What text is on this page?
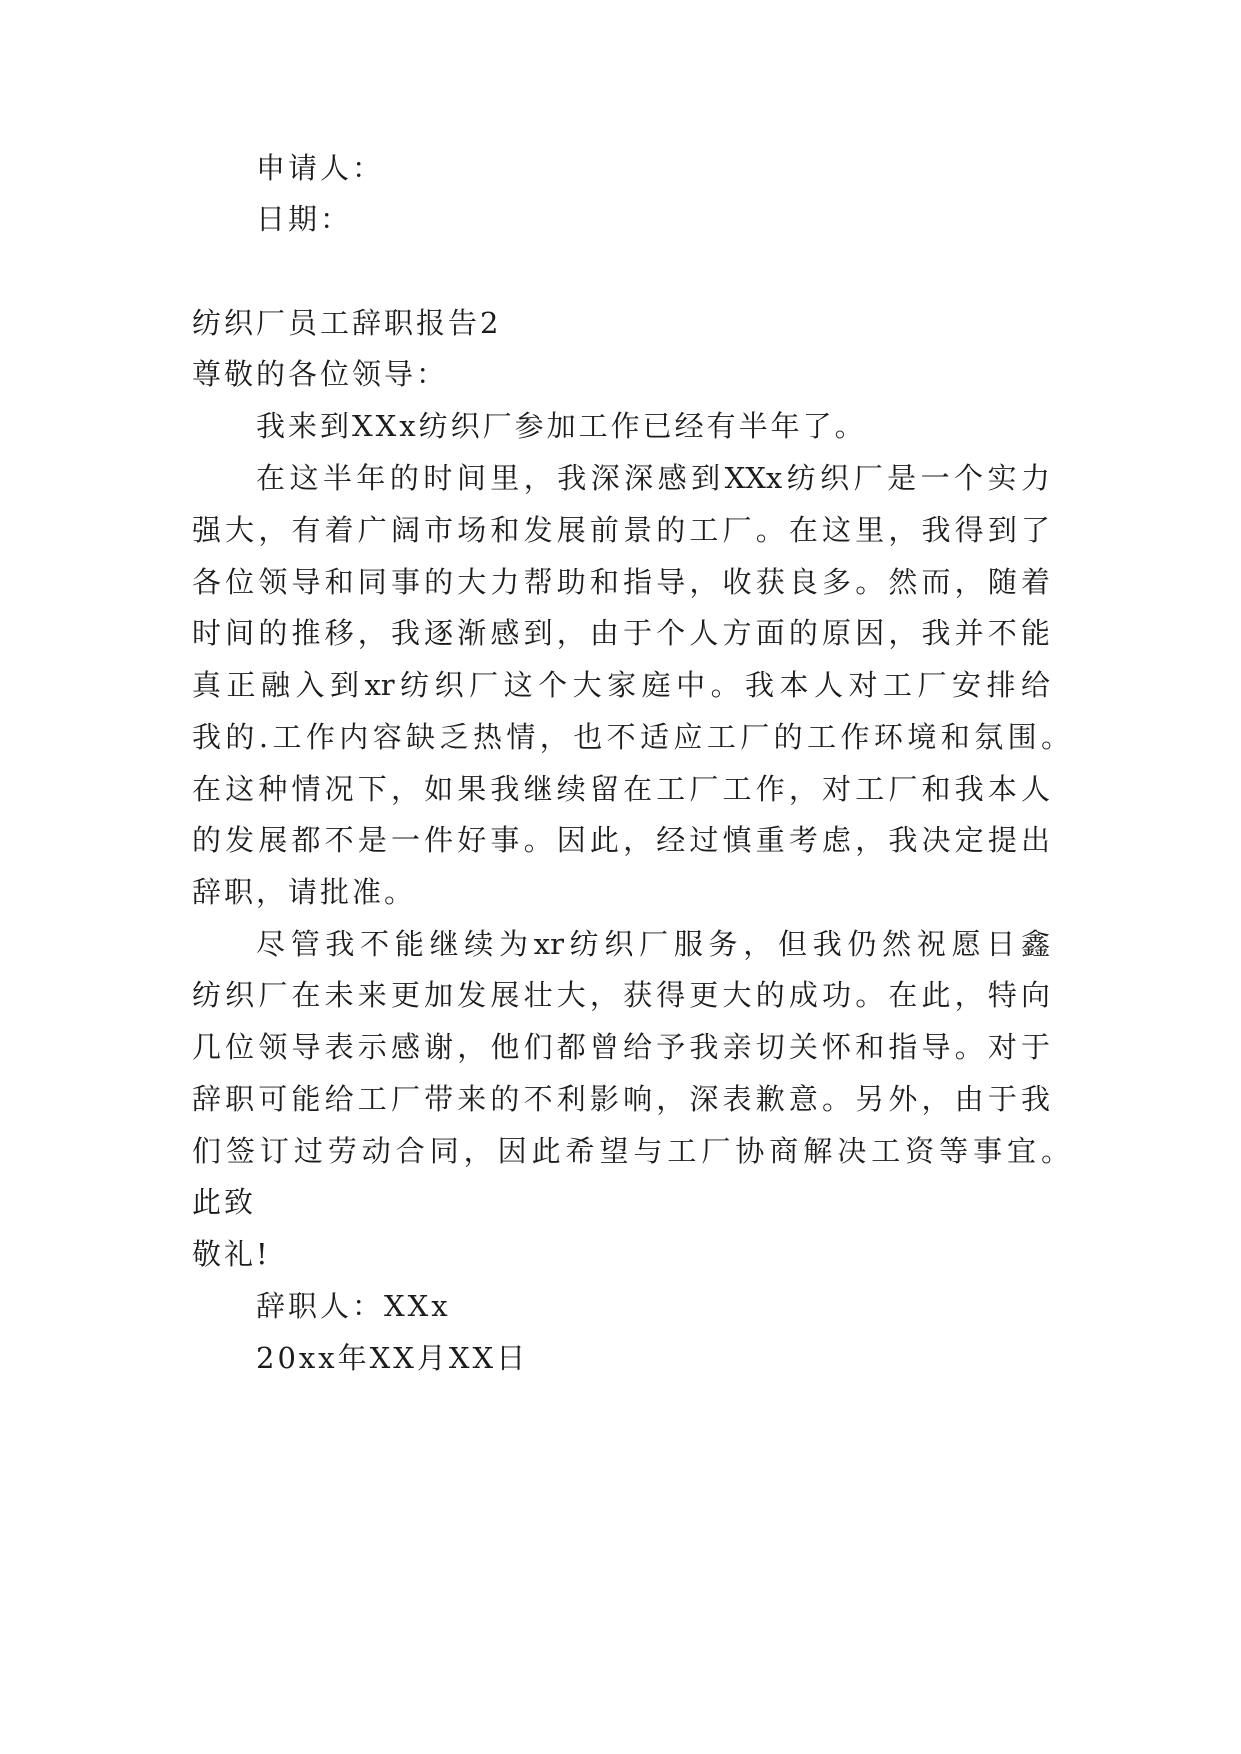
申请人：
日期：
纺织厂员工辞职报告2
尊敬的各位领导：
我来到XXx纺织厂参加工作已经有半年了。
在这半年的时间里，我深深感到XXx纺织厂是一个实力
强大，有着广阔市场和发展前景的工厂。在这里，我得到了
各位领导和同事的大力帮助和指导，收获良多。然而，随着
时间的推移，我逐渐感到，由于个人方面的原因，我并不能
真正融入到xr纺织厂这个大家庭中。我本人对工厂安排给
我的.工作内容缺乏热情，也不适应工厂的工作环境和氛围。
在这种情况下，如果我继续留在工厂工作，对工厂和我本人
的发展都不是一件好事。因此，经过慎重考虑，我决定提出
辞职，请批准。
尽管我不能继续为xr纺织厂服务，但我仍然祝愿日鑫
纺织厂在未来更加发展壮大，获得更大的成功。在此，特向
几位领导表示感谢，他们都曾给予我亲切关怀和指导。对于
辞职可能给工厂带来的不利影响，深表歉意。另外，由于我
们签订过劳动合同，因此希望与工厂协商解决工资等事宜。
此致
敬礼!
辞职人：XXx
20xx年XX月XX日
